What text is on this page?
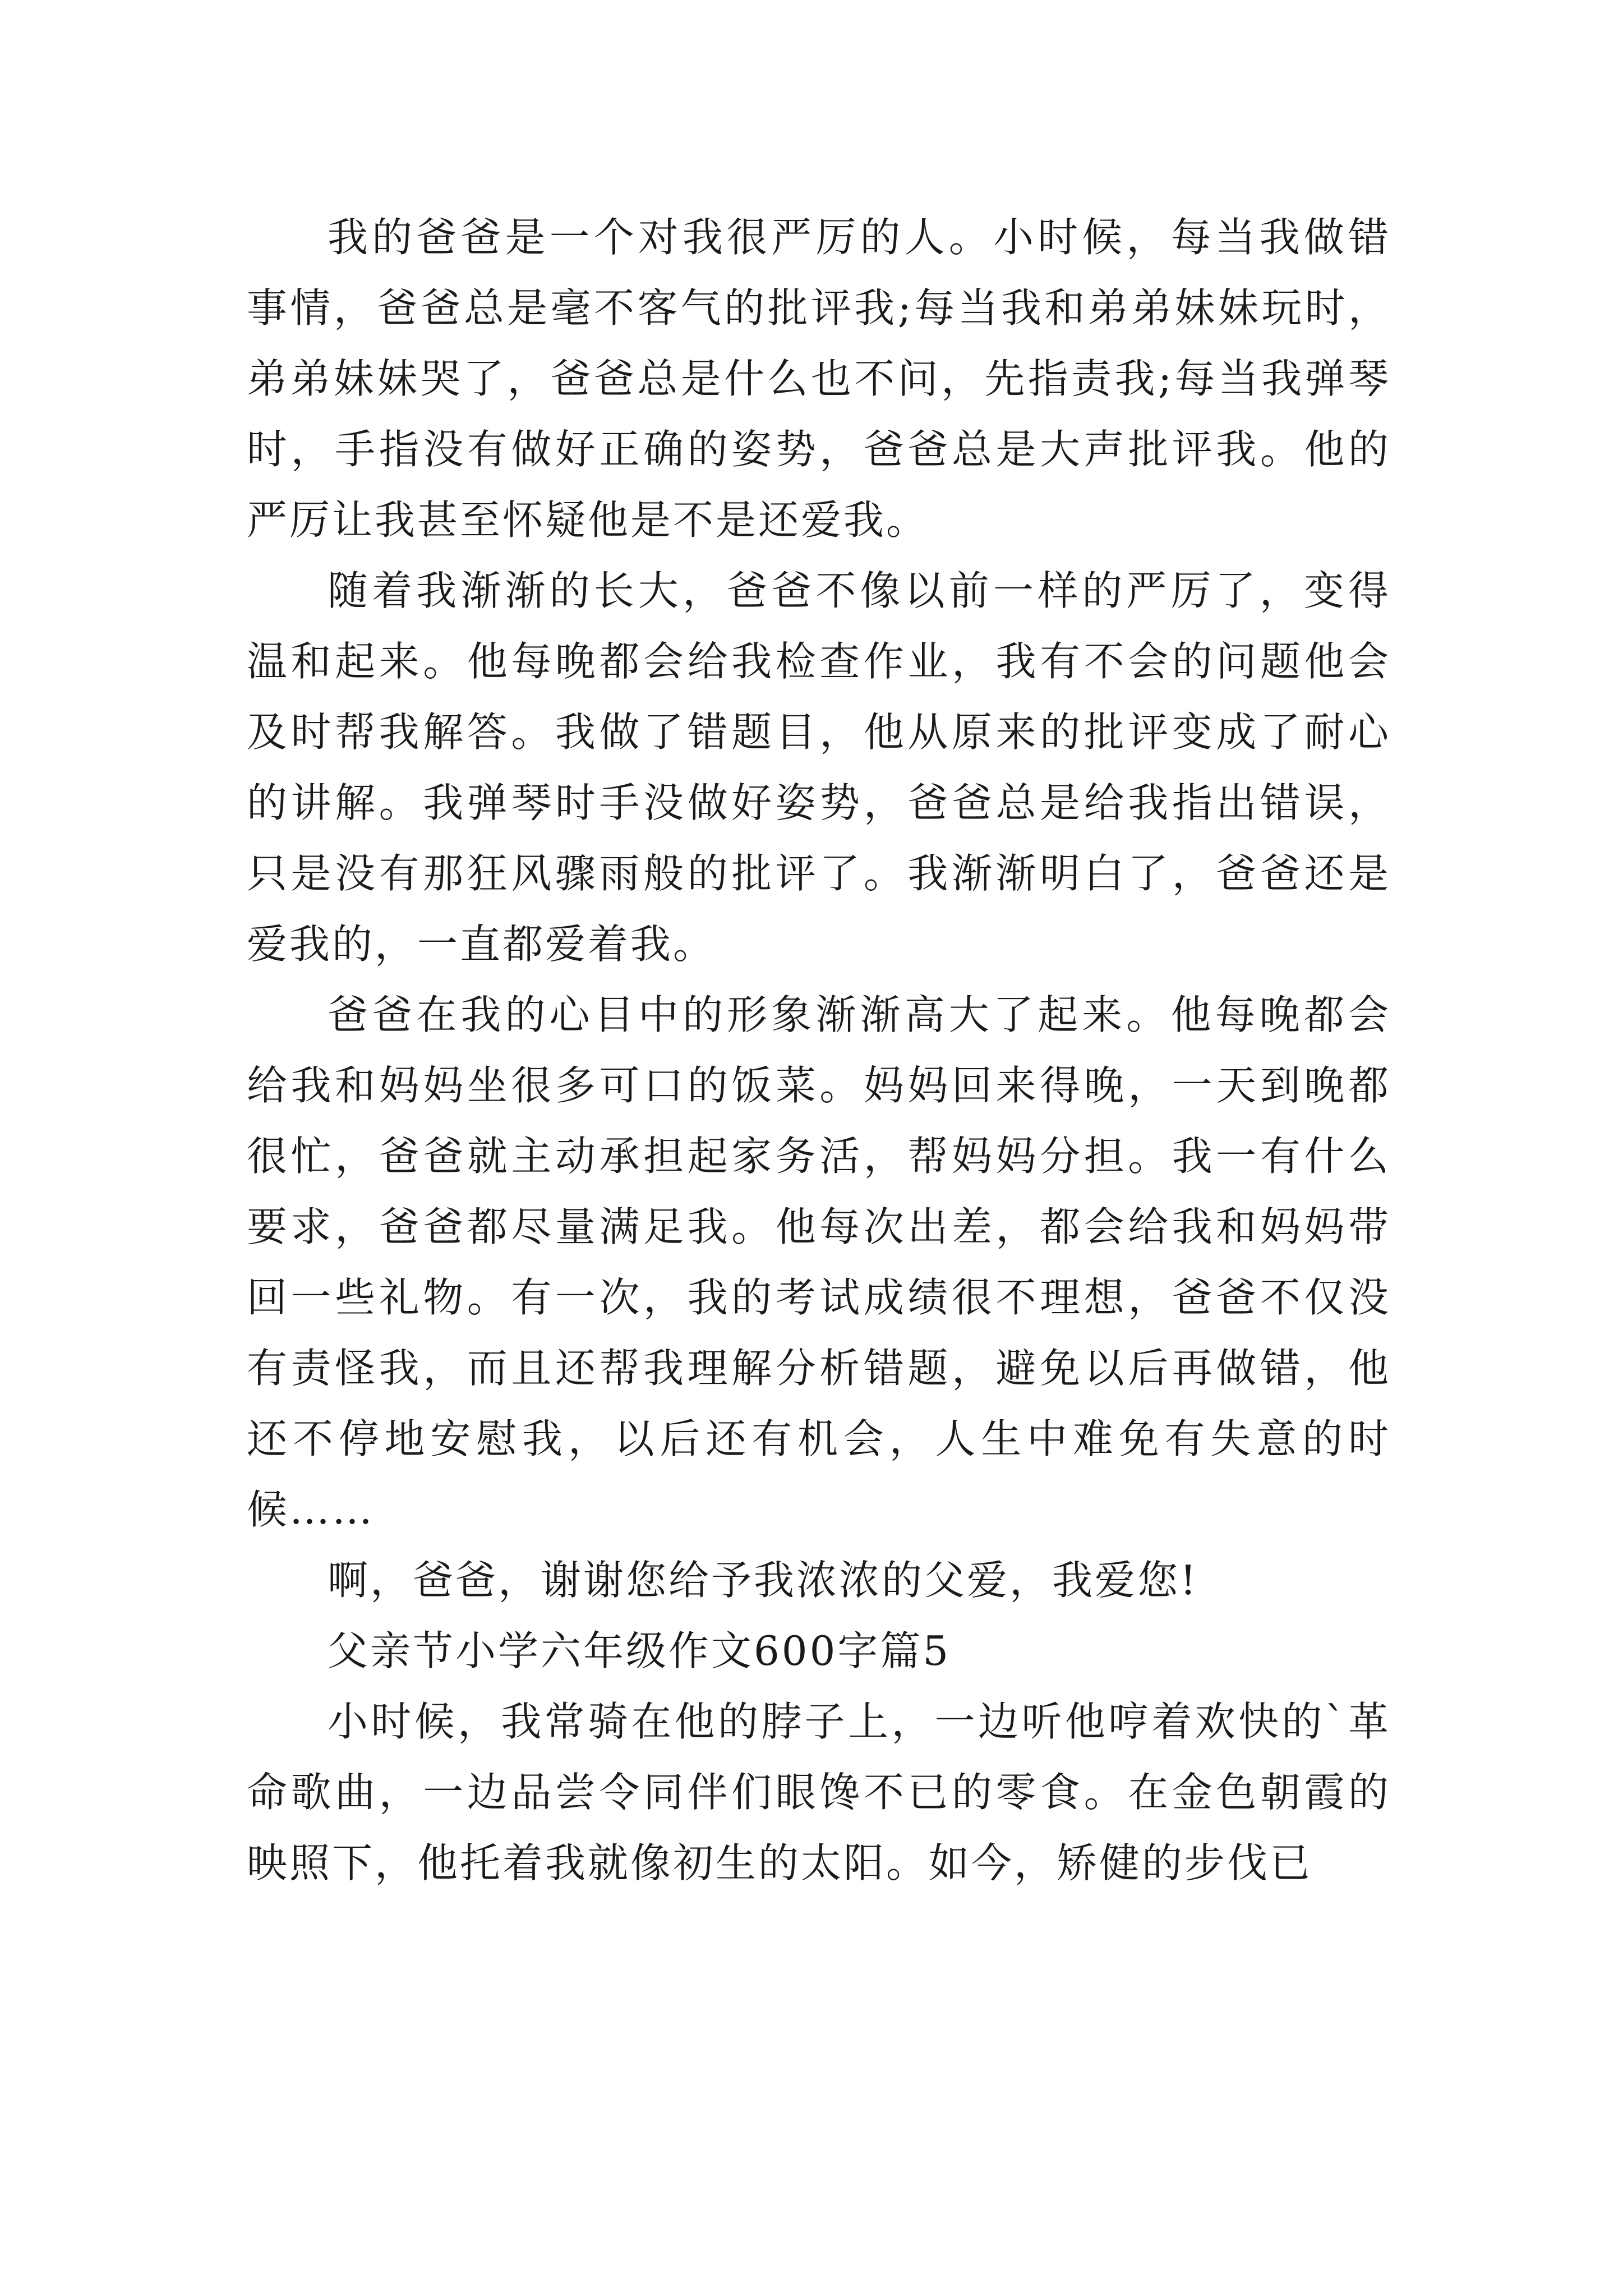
我的爸爸是一个对我很严厉的人。小时候，每当我做错事情，爸爸总是毫不客气的批评我;每当我和弟弟妹妹玩时，弟弟妹妹哭了，爸爸总是什么也不问，先指责我;每当我弹琴时，手指没有做好正确的姿势，爸爸总是大声批评我。他的严厉让我甚至怀疑他是不是还爱我。

随着我渐渐的长大，爸爸不像以前一样的严厉了，变得温和起来。他每晚都会给我检查作业，我有不会的问题他会及时帮我解答。我做了错题目，他从原来的批评变成了耐心的讲解。我弹琴时手没做好姿势，爸爸总是给我指出错误，只是没有那狂风骤雨般的批评了。我渐渐明白了，爸爸还是爱我的，一直都爱着我。

爸爸在我的心目中的形象渐渐高大了起来。他每晚都会给我和妈妈坐很多可口的饭菜。妈妈回来得晚，一天到晚都很忙，爸爸就主动承担起家务活，帮妈妈分担。我一有什么要求，爸爸都尽量满足我。他每次出差，都会给我和妈妈带回一些礼物。有一次，我的考试成绩很不理想，爸爸不仅没有责怪我，而且还帮我理解分析错题，避免以后再做错，他还不停地安慰我，以后还有机会，人生中难免有失意的时候……

啊，爸爸，谢谢您给予我浓浓的父爱，我爱您!

父亲节小学六年级作文600字篇5

小时候，我常骑在他的脖子上，一边听他哼着欢快的`革命歌曲，一边品尝令同伴们眼馋不已的零食。在金色朝霞的映照下，他托着我就像初生的太阳。如今，矫健的步伐已
